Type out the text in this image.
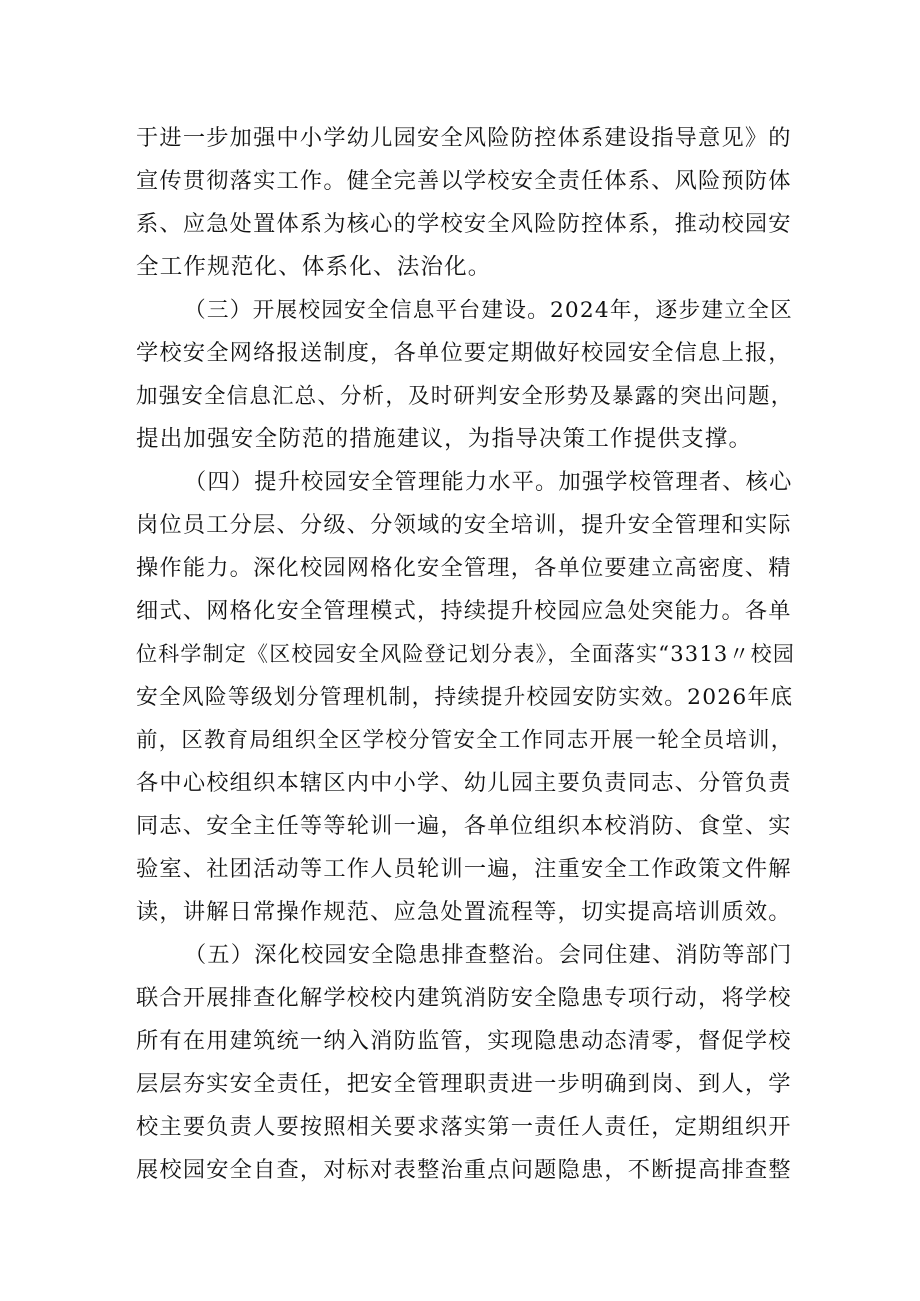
于进一步加强中小学幼儿园安全风险防控体系建设指导意见》的
宣传贯彻落实工作。健全完善以学校安全责任体系、风险预防体
系、应急处置体系为核心的学校安全风险防控体系，推动校园安
全工作规范化、体系化、法治化。
（三）开展校园安全信息平台建设。2024年，逐步建立全区
学校安全网络报送制度，各单位要定期做好校园安全信息上报，
加强安全信息汇总、分析，及时研判安全形势及暴露的突出问题，
提出加强安全防范的措施建议，为指导决策工作提供支撑。
（四）提升校园安全管理能力水平。加强学校管理者、核心
岗位员工分层、分级、分领域的安全培训，提升安全管理和实际
操作能力。深化校园网格化安全管理，各单位要建立高密度、精
细式、网格化安全管理模式，持续提升校园应急处突能力。各单
位科学制定《区校园安全风险登记划分表》，全面落实“3313〃校园
安全风险等级划分管理机制，持续提升校园安防实效。2026年底
前，区教育局组织全区学校分管安全工作同志开展一轮全员培训，
各中心校组织本辖区内中小学、幼儿园主要负责同志、分管负责
同志、安全主任等等轮训一遍，各单位组织本校消防、食堂、实
验室、社团活动等工作人员轮训一遍，注重安全工作政策文件解
读，讲解日常操作规范、应急处置流程等，切实提高培训质效。
（五）深化校园安全隐患排查整治。会同住建、消防等部门
联合开展排查化解学校校内建筑消防安全隐患专项行动，将学校
所有在用建筑统一纳入消防监管，实现隐患动态清零，督促学校
层层夯实安全责任，把安全管理职责进一步明确到岗、到人，学
校主要负责人要按照相关要求落实第一责任人责任，定期组织开
展校园安全自查，对标对表整治重点问题隐患，不断提高排查整
